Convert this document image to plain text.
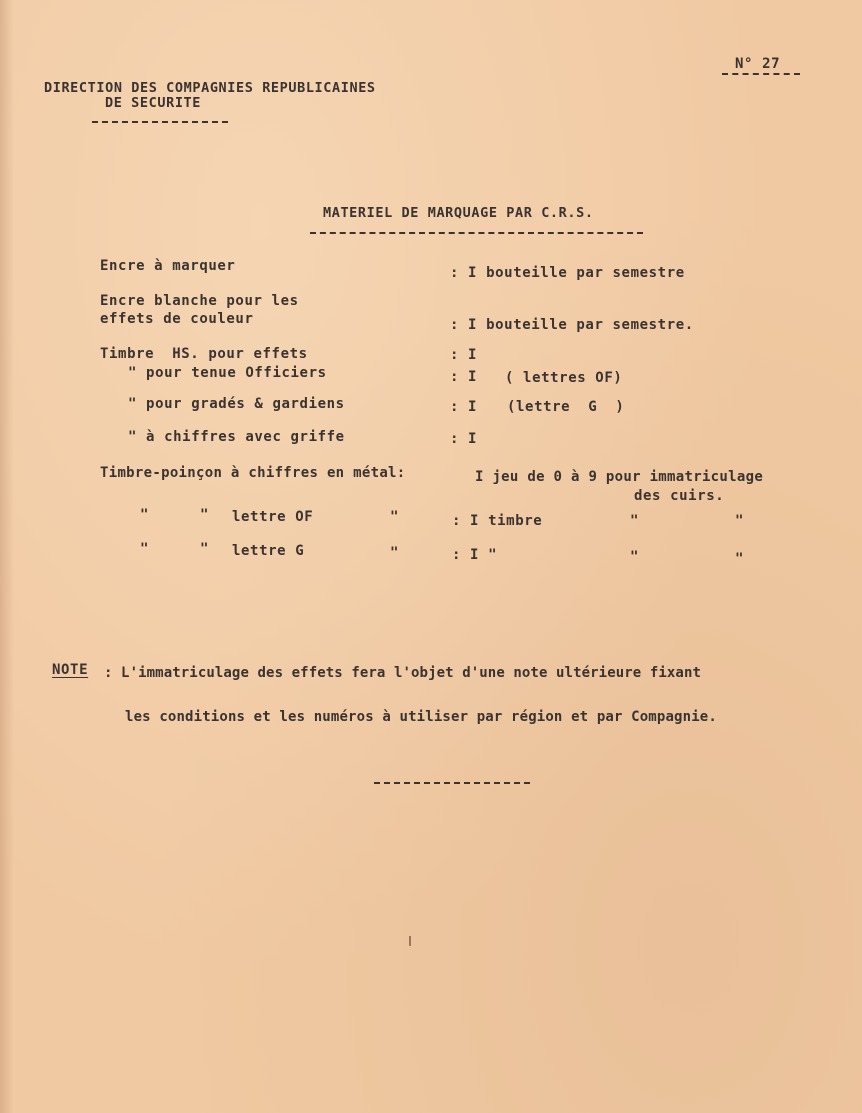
N° 27
DIRECTION DES COMPAGNIES REPUBLICAINES
DE SECURITE
MATERIEL DE MARQUAGE PAR C.R.S.
Encre à marquer	: I bouteille par semestre
Encre blanche pour les
effets de couleur	: I bouteille par semestre.
Timbre  HS. pour effets	: I
" pour tenue Officiers	: I ( lettres OF)
" pour gradés & gardiens	: I (lettre  G  )
" à chiffres avec griffe	: I
Timbre-poinçon à chiffres en métal:	I jeu de 0 à 9 pour immatriculage
des cuirs.
"	" lettre OF	"	: I timbre	"	"
"	" lettre G	"	: I "	"	"
NOTE : L'immatriculage des effets fera l'objet d'une note ultérieure fixant
les conditions et les numéros à utiliser par région et par Compagnie.
